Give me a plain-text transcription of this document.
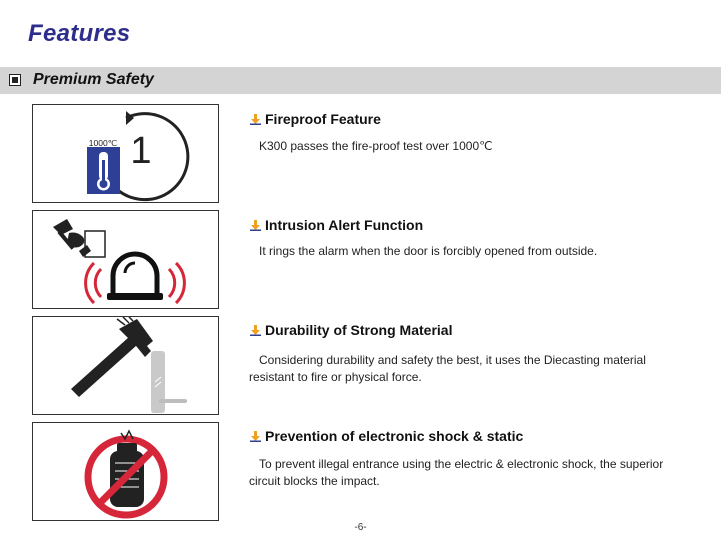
Features
Premium Safety
1
1000℃
Fireproof Feature
K300 passes the fire-proof test over 1000℃
Intrusion Alert Function
It rings the alarm when the door is forcibly opened from outside.
Durability of Strong Material
Considering durability and safety the best, it uses the Diecasting material resistant to fire or physical force.
Prevention of electronic shock & static
To prevent illegal entrance using the electric & electronic shock, the superior circuit blocks the impact.
-6-
